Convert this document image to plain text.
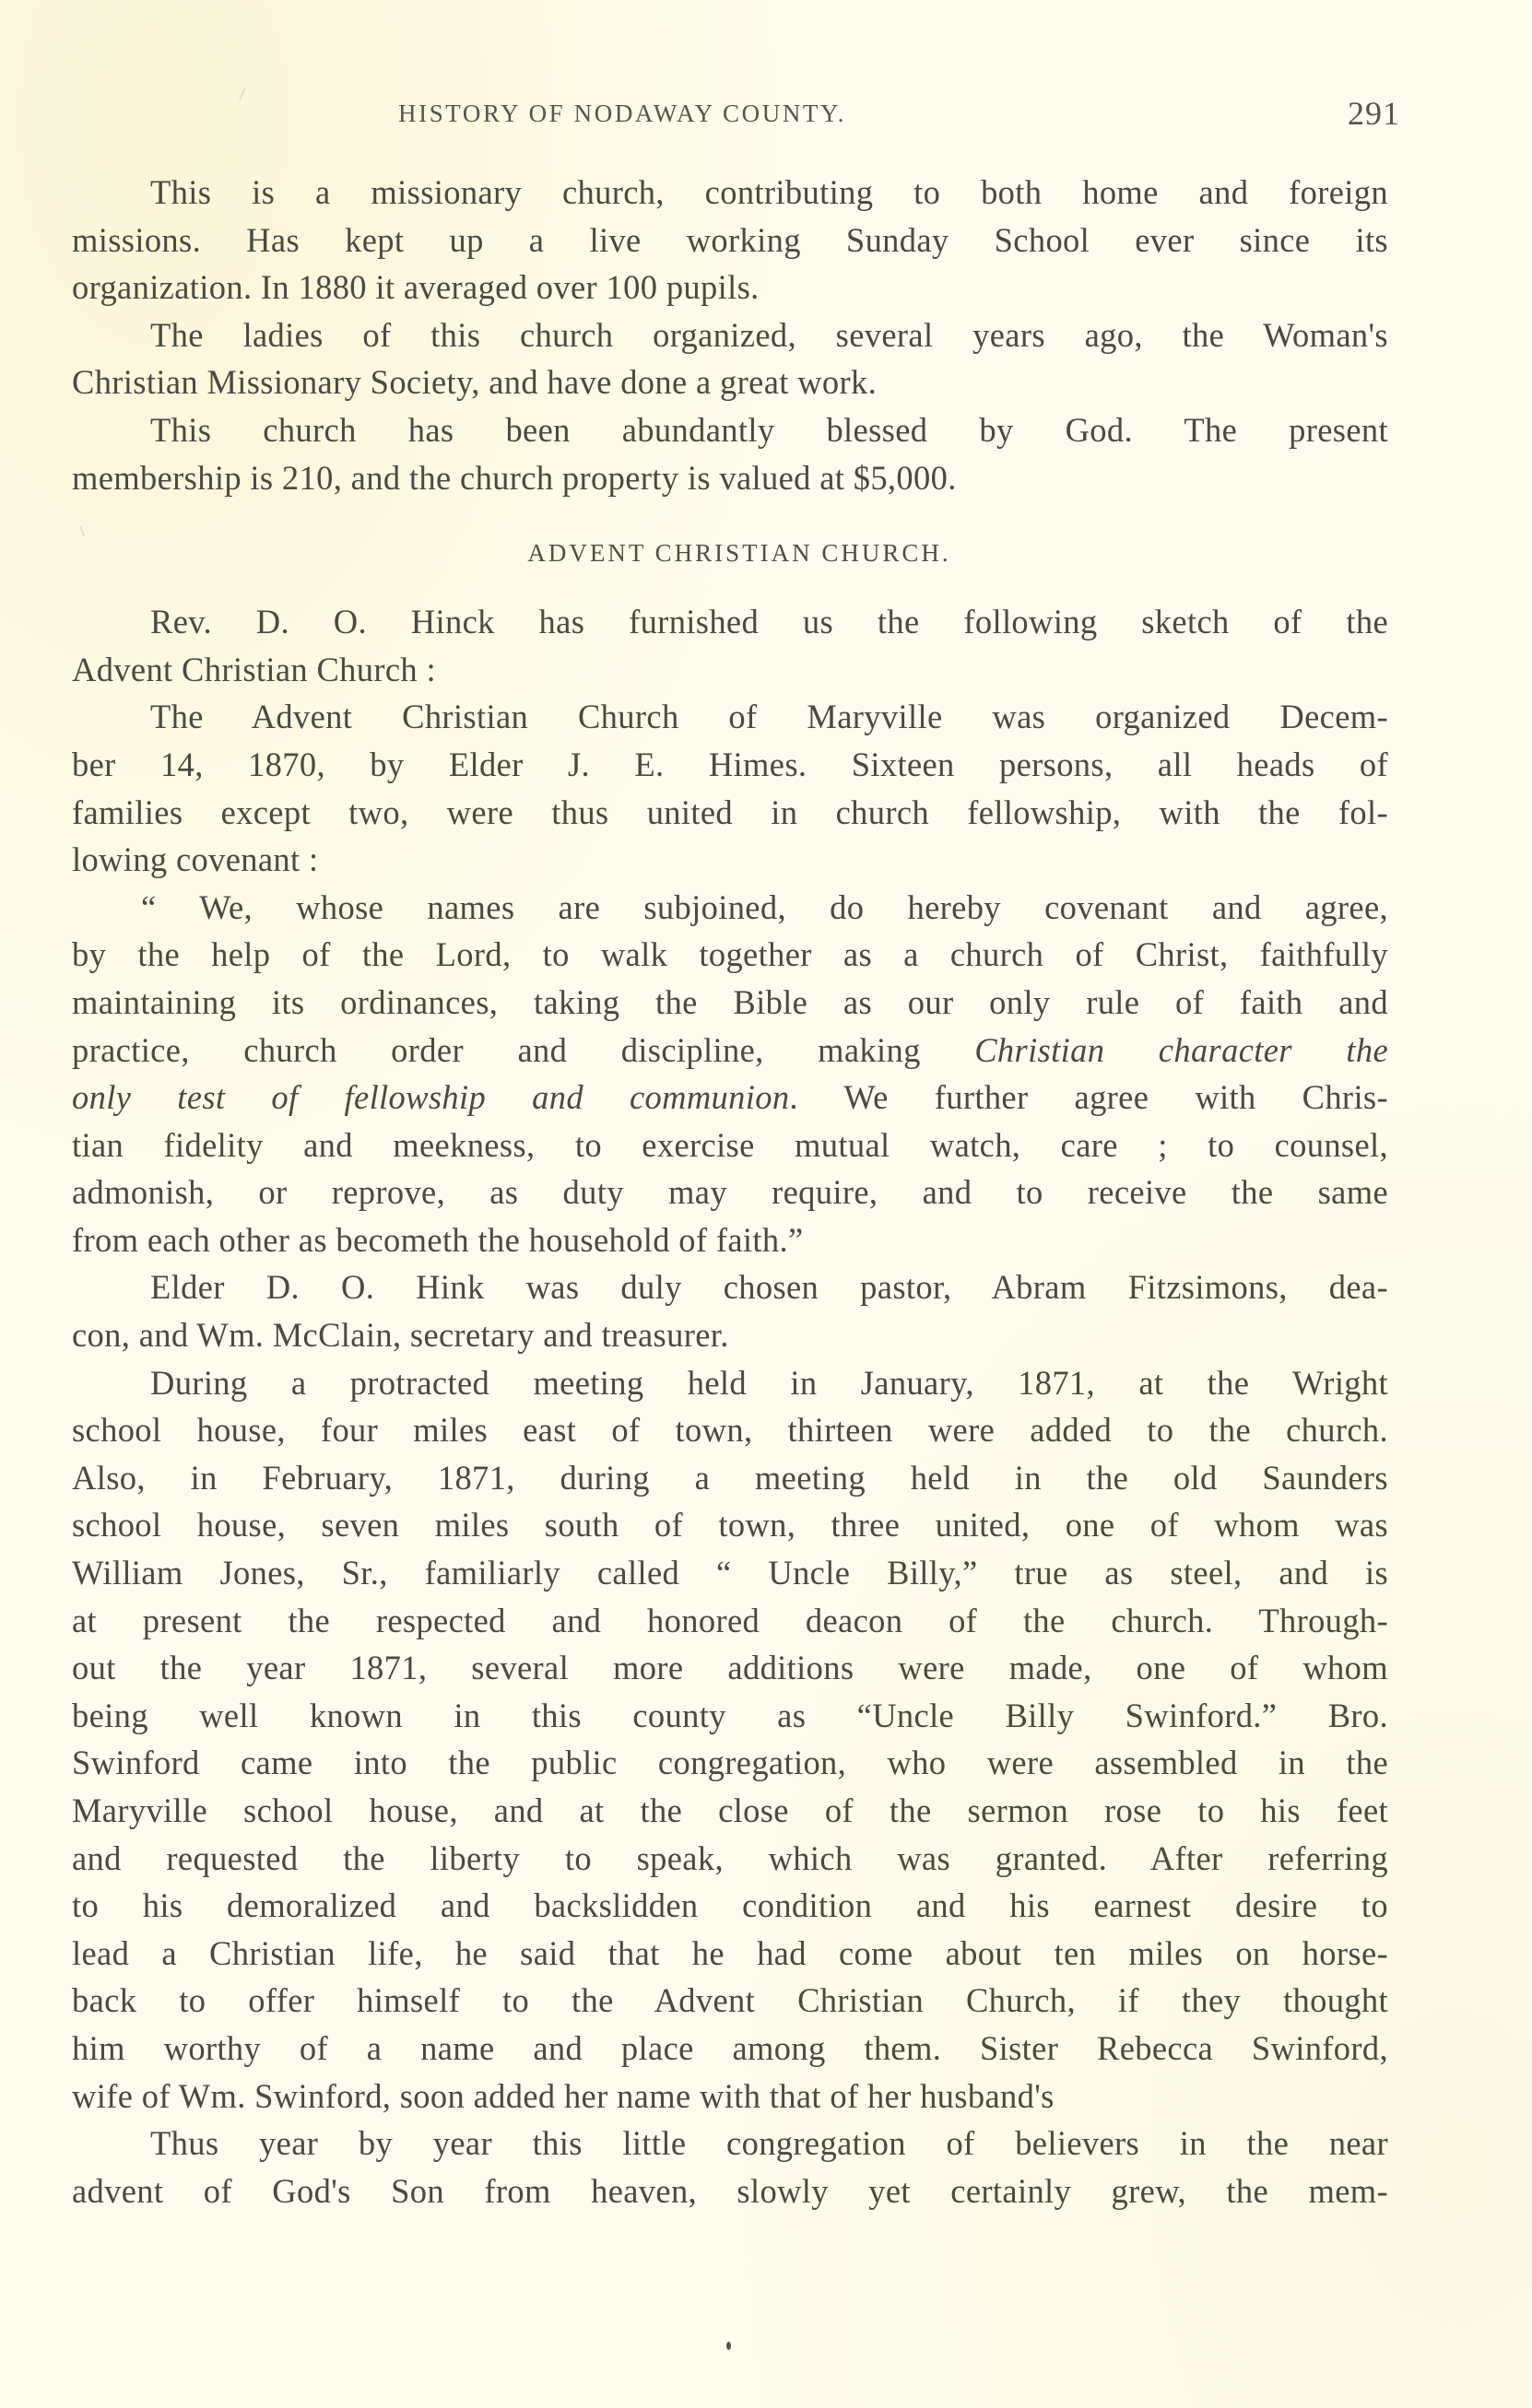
HISTORY OF NODAWAY COUNTY.	291
This is a missionary church, contributing to both home and foreign
missions. Has kept up a live working Sunday School ever since its
organization. In 1880 it averaged over 100 pupils.
The ladies of this church organized, several years ago, the Woman's
Christian Missionary Society, and have done a great work.
This church has been abundantly blessed by God. The present
membership is 210, and the church property is valued at $5,000.
ADVENT CHRISTIAN CHURCH.
Rev. D. O. Hinck has furnished us the following sketch of the
Advent Christian Church :
The Advent Christian Church of Maryville was organized Decem-
ber 14, 1870, by Elder J. E. Himes. Sixteen persons, all heads of
families except two, were thus united in church fellowship, with the fol-
lowing covenant :
“ We, whose names are subjoined, do hereby covenant and agree,
by the help of the Lord, to walk together as a church of Christ, faithfully
maintaining its ordinances, taking the Bible as our only rule of faith and
practice, church order and discipline, making Christian character the
only test of fellowship and communion. We further agree with Chris-
tian fidelity and meekness, to exercise mutual watch, care ; to counsel,
admonish, or reprove, as duty may require, and to receive the same
from each other as becometh the household of faith.”
Elder D. O. Hink was duly chosen pastor, Abram Fitzsimons, dea-
con, and Wm. McClain, secretary and treasurer.
During a protracted meeting held in January, 1871, at the Wright
school house, four miles east of town, thirteen were added to the church.
Also, in February, 1871, during a meeting held in the old Saunders
school house, seven miles south of town, three united, one of whom was
William Jones, Sr., familiarly called “ Uncle Billy,” true as steel, and is
at present the respected and honored deacon of the church. Through-
out the year 1871, several more additions were made, one of whom
being well known in this county as “Uncle Billy Swinford.” Bro.
Swinford came into the public congregation, who were assembled in the
Maryville school house, and at the close of the sermon rose to his feet
and requested the liberty to speak, which was granted. After referring
to his demoralized and backslidden condition and his earnest desire to
lead a Christian life, he said that he had come about ten miles on horse-
back to offer himself to the Advent Christian Church, if they thought
him worthy of a name and place among them. Sister Rebecca Swinford,
wife of Wm. Swinford, soon added her name with that of her husband's
Thus year by year this little congregation of believers in the near
advent of God's Son from heaven, slowly yet certainly grew, the mem-
